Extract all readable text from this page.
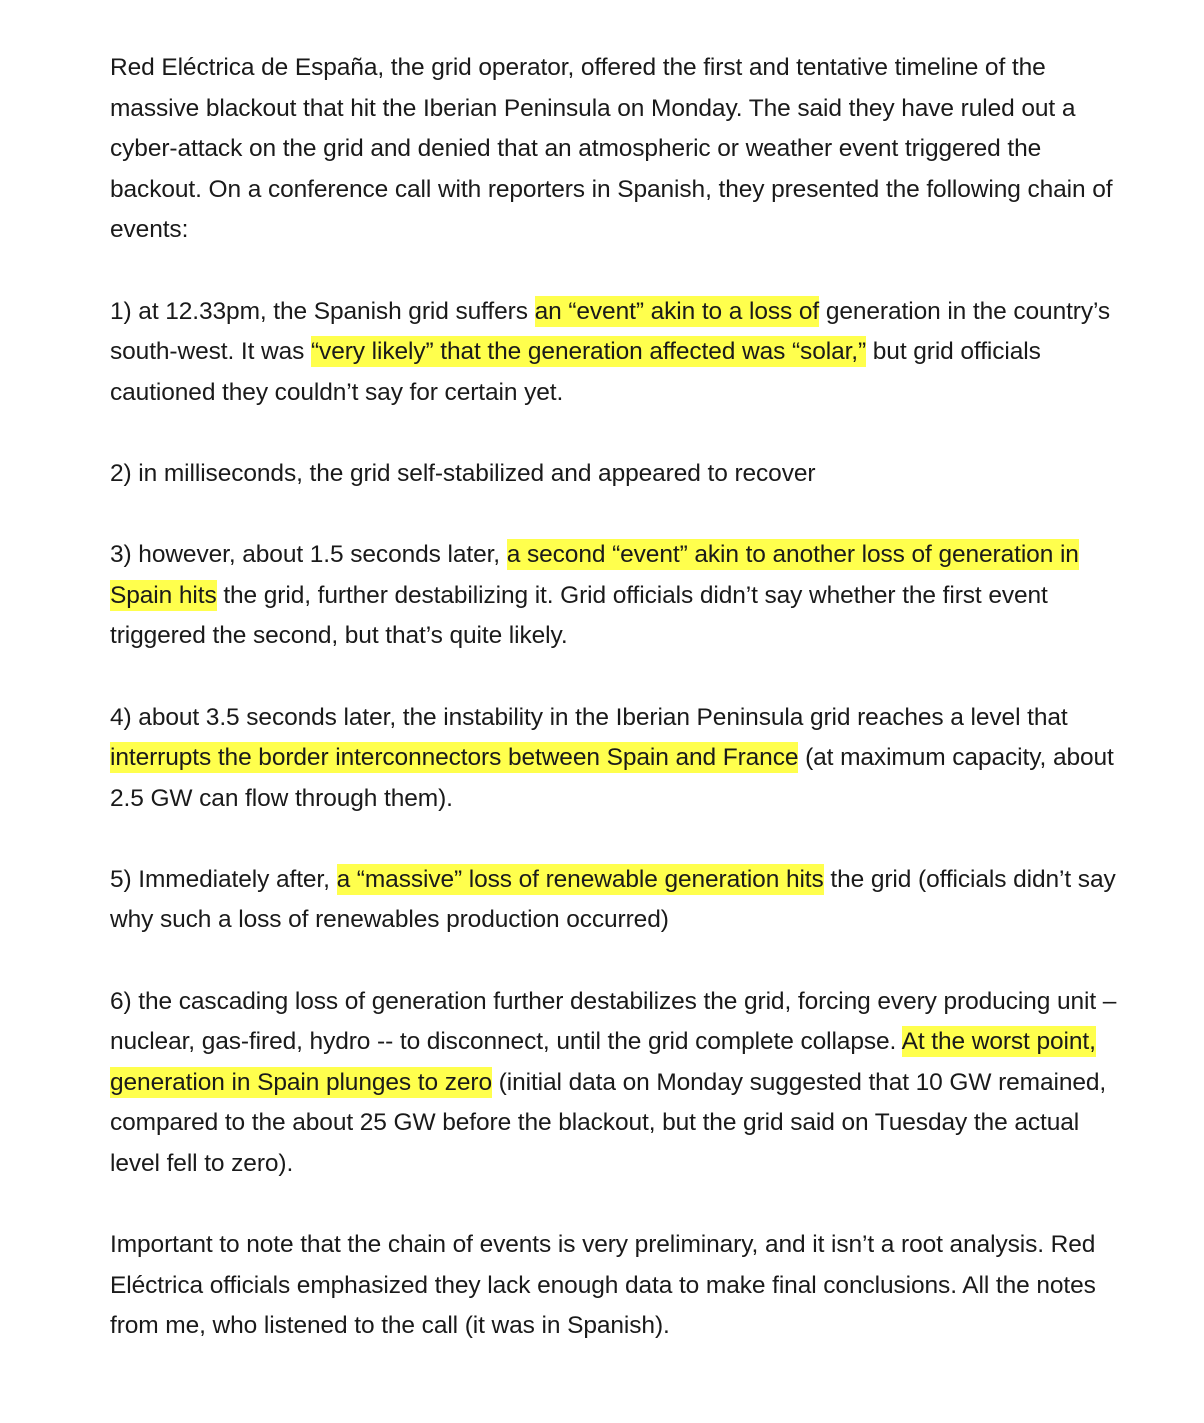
Red Eléctrica de España, the grid operator, offered the first and tentative timeline of the massive blackout that hit the Iberian Peninsula on Monday. The said they have ruled out a cyber-attack on the grid and denied that an atmospheric or weather event triggered the backout. On a conference call with reporters in Spanish, they presented the following chain of events:

1) at 12.33pm, the Spanish grid suffers an “event” akin to a loss of generation in the country’s south-west. It was “very likely” that the generation affected was “solar,” but grid officials cautioned they couldn’t say for certain yet.

2) in milliseconds, the grid self-stabilized and appeared to recover

3) however, about 1.5 seconds later, a second “event” akin to another loss of generation in Spain hits the grid, further destabilizing it. Grid officials didn’t say whether the first event triggered the second, but that’s quite likely.

4) about 3.5 seconds later, the instability in the Iberian Peninsula grid reaches a level that interrupts the border interconnectors between Spain and France (at maximum capacity, about 2.5 GW can flow through them).

5) Immediately after, a “massive” loss of renewable generation hits the grid (officials didn’t say why such a loss of renewables production occurred)

6) the cascading loss of generation further destabilizes the grid, forcing every producing unit – nuclear, gas-fired, hydro -- to disconnect, until the grid complete collapse. At the worst point, generation in Spain plunges to zero (initial data on Monday suggested that 10 GW remained, compared to the about 25 GW before the blackout, but the grid said on Tuesday the actual level fell to zero).

Important to note that the chain of events is very preliminary, and it isn’t a root analysis. Red Eléctrica officials emphasized they lack enough data to make final conclusions. All the notes from me, who listened to the call (it was in Spanish).
